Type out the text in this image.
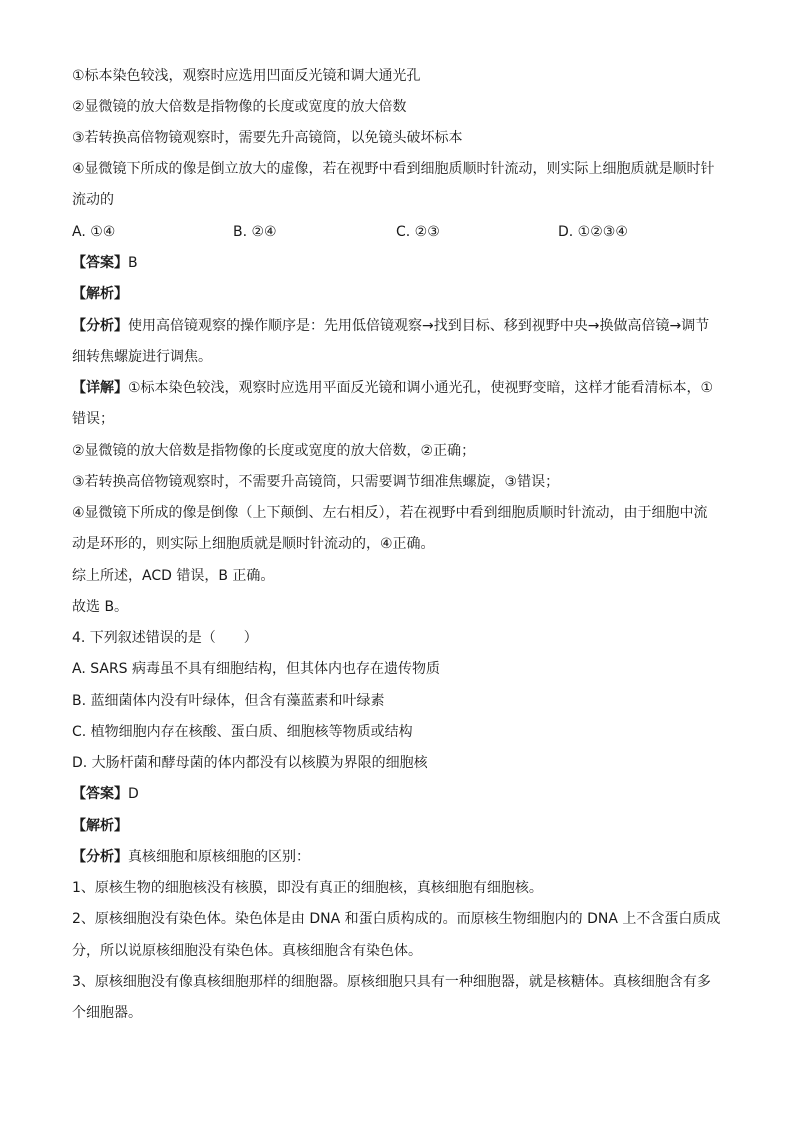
①标本染色较浅，观察时应选用凹面反光镜和调大通光孔
②显微镜的放大倍数是指物像的长度或宽度的放大倍数
③若转换高倍物镜观察时，需要先升高镜筒，以免镜头破坏标本
④显微镜下所成的像是倒立放大的虚像，若在视野中看到细胞质顺时针流动，则实际上细胞质就是顺时针
流动的
A. ①④	B. ②④	C. ②③	D. ①②③④
【答案】B
【解析】
【分析】使用高倍镜观察的操作顺序是：先用低倍镜观察→找到目标、移到视野中央→换做高倍镜→调节
细转焦螺旋进行调焦。
【详解】①标本染色较浅，观察时应选用平面反光镜和调小通光孔，使视野变暗，这样才能看清标本，①
错误；
②显微镜的放大倍数是指物像的长度或宽度的放大倍数，②正确；
③若转换高倍物镜观察时，不需要升高镜筒，只需要调节细准焦螺旋，③错误；
④显微镜下所成的像是倒像（上下颠倒、左右相反），若在视野中看到细胞质顺时针流动，由于细胞中流
动是环形的，则实际上细胞质就是顺时针流动的，④正确。
综上所述，ACD 错误，B 正确。
故选 B。
4. 下列叙述错误的是（　　）
A. SARS 病毒虽不具有细胞结构，但其体内也存在遗传物质
B. 蓝细菌体内没有叶绿体，但含有藻蓝素和叶绿素
C. 植物细胞内存在核酸、蛋白质、细胞核等物质或结构
D. 大肠杆菌和酵母菌的体内都没有以核膜为界限的细胞核
【答案】D
【解析】
【分析】真核细胞和原核细胞的区别：
1、原核生物的细胞核没有核膜，即没有真正的细胞核，真核细胞有细胞核。
2、原核细胞没有染色体。染色体是由 DNA 和蛋白质构成的。而原核生物细胞内的 DNA 上不含蛋白质成
分，所以说原核细胞没有染色体。真核细胞含有染色体。
3、原核细胞没有像真核细胞那样的细胞器。原核细胞只具有一种细胞器，就是核糖体。真核细胞含有多
个细胞器。
